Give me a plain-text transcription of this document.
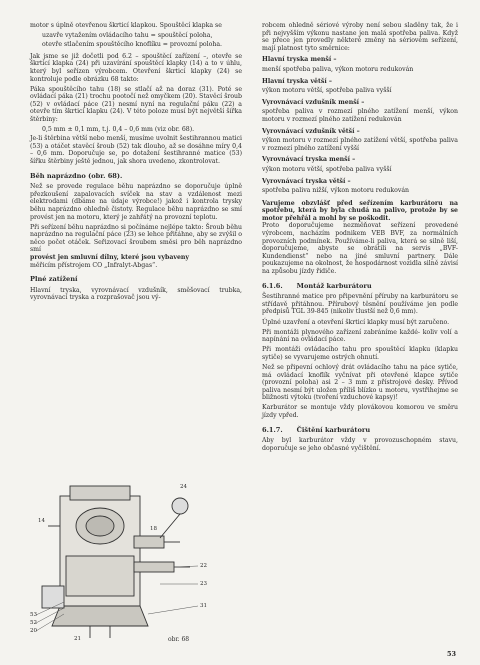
motor s úplně otevřenou škrticí klapkou. Spouštěcí klapka se

uzavře vytažením ovládacího tahu = spouštěcí poloha,

otevře stlačením spouštěcího knoflíku = provozní poloha.

Jak jsme se již dočetli pod 6.2 – spouštěcí zařízení –, otevře se škrticí klapka (24) při uzavírání spouštěcí klapky (14) a to v úhlu, který byl seřízen výrobcem. Otevření škrticí klapky (24) se kontroluje podle obrázku 68 takto:

Páka spouštěcího tahu (18) se stlačí až na doraz (31). Poté se ovládací páka (21) trochu pootočí než omyčkem (20). Stavěcí šroub (52) v ovládací páce (21) nesmí nyní na regulační páku (22) a otevře tím škrticí klapku (24). V této poloze musí být největší šířka štěrbiny:

0,5 mm ± 0,1 mm, t.j. 0,4 – 0,6 mm (viz obr. 68).

Je-li štěrbina větší nebo menší, musíme uvolnit šestihrannou matici (53) a otáčet stavěcí šroub (52) tak dlouho, až se dosáhne míry 0,4 – 0,6 mm. Doporučuje se, po dotažení šestihranné matice (53) šířku štěrbiny ještě jednou, jak shora uvedeno, zkontrolovat.

Běh naprázdno (obr. 68).

Než se provede regulace běhu naprázdno se doporučuje úplně přezkoušení zapalovacích svíček na stav a vzdálenost mezi elektrodami (dbáme na údaje výrobce!) jakož i kontrola trysky běhu naprázdno ohledně čistoty. Regulace běhu naprázdno se smí provést jen na motoru, který je zahřátý na provozní teplotu.

Při seřízení běhu naprázdno si počínáme nejlépe takto: Šroub běhu naprázdno na regulační páce (23) se lehce přitáhne, aby se zvýšil o něco počet otáček. Seřizovací šroubem směsi pro běh naprázdno smí

provést jen smluvní dílny, které jsou vybaveny

měřicím přístrojem CO „Infralyt-Abgas“.

Plné zatížení

Hlavní tryska, vyrovnávací vzdušník, směšovací trubka, vyrovnávací tryska a rozprašovač jsou vý-

53
52
20
22
23
31
24
18
14
21	obr. 68

robcem ohledně sériové výroby není sebou sladěny tak, že i při nejvyšším výkonu nastane jen malá spotřeba paliva. Když se přece jen provedly některé změny na sériovém seřízení, mají platnost tyto směrnice:

Hlavní tryska menší –

menší spotřeba paliva, výkon motoru redukován

Hlavní tryska větší –

výkon motoru větší, spotřeba paliva vyšší

Vyrovnávací vzdušník menší –

spotřeba paliva v rozmezí plného zatížení menší, výkon motoru v rozmezí plného zatížení redukován

Vyrovnávací vzdušník větší –

výkon motoru v rozmezí plného zatížení větší, spotřeba paliva v rozmezí plného zatížení vyšší

Vyrovnávací tryska menší –

výkon motoru větší, spotřeba paliva vyšší

Vyrovnávací tryska větší –

spotřeba paliva nižší, výkon motoru redukován

Varujeme obzvlášť před seřízením karburátoru na spotřebu, která by byla chudá na palivo, protože by se motor přehřál a mohl by se poškodit.

Proto doporučujeme nezměňovat seřízení provedené výrobcem, nacházím podnikem VEB BVF, za normálních provozních podmínek. Používáme-li paliva, která se silně liší, doporučujeme, abyste se obrátili na servis „BVF-Kundendienst“ nebo na jiné smluvní partnery. Dále poukazujeme na okolnost, že hospodárnost vozidla silně závisí na způsobu jízdy řidiče.

6.1.6. Montáž karburátoru

Šestihranné matice pro připevnění příruby na karburátoru se střídavě přitáhnou. Přírubový těsnění používáme jen podle předpisů TGL 39-845 (nikoliv tlustší než 0,6 mm).

Úplné uzavření a otevření škrticí klapky musí být zaručeno.

Při montáži plynového zařízení zabráníme každé- koliv volí a napínání na ovládací páce.

Při montáži ovládacího tahu pro spouštěcí klapku (klapku sytiče) se vyvarujeme ostrých ohnutí.

Než se připevní ochlový drát ovládacího tahu na páce sytiče, má ovládací knoflík vyčnívat při otevřené klapce sytiče (provozní poloha) asi 2 – 3 mm z přístrojové desky. Přívod paliva nesmí být uložen příliš blízko u motoru, vystřihejme se bližnosti výtoku (tvoření vzduchové kapsy)!

Karburátor se montuje vždy plovákovou komorou ve směru jízdy vpřed.

6.1.7. Čištění karburátoru

Aby byl karburátor vždy v provozuschopném stavu, doporučuje se jeho občasné vyčištění.

53
